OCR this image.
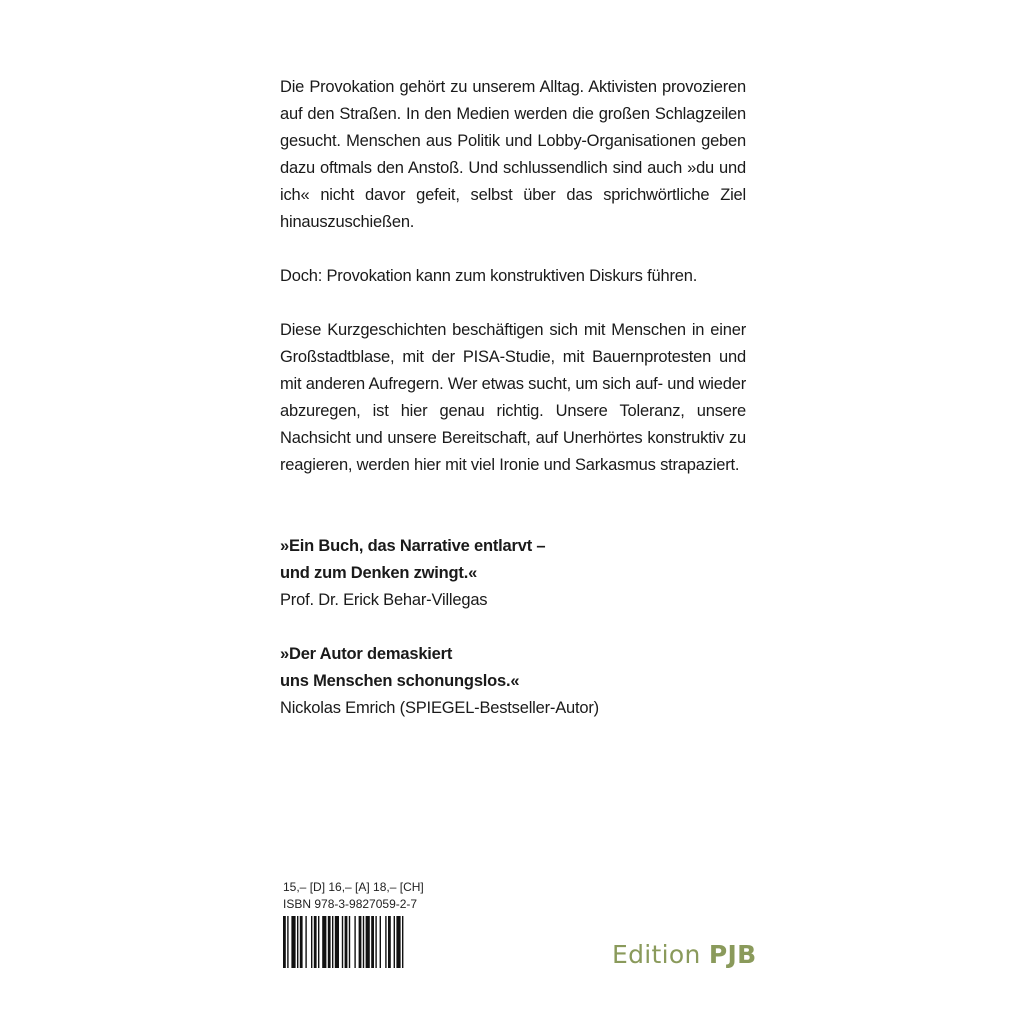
Die Provokation gehört zu unserem Alltag. Aktivisten provozieren auf den Straßen. In den Medien werden die großen Schlagzeilen gesucht. Menschen aus Politik und Lobby-Organisationen geben dazu oftmals den Anstoß. Und schlussendlich sind auch »du und ich« nicht davor gefeit, selbst über das sprichwörtliche Ziel hinauszuschießen.

Doch: Provokation kann zum konstruktiven Diskurs führen.

Diese Kurzgeschichten beschäftigen sich mit Menschen in einer Großstadtblase, mit der PISA-Studie, mit Bauernprotesten und mit anderen Aufregern. Wer etwas sucht, um sich auf- und wieder abzuregen, ist hier genau richtig. Unsere Toleranz, unsere Nachsicht und unsere Bereitschaft, auf Unerhörtes konstruktiv zu reagieren, werden hier mit viel Ironie und Sarkasmus strapaziert.

»Ein Buch, das Narrative entlarvt –
und zum Denken zwingt.«
Prof. Dr. Erick Behar-Villegas
»Der Autor demaskiert
uns Menschen schonungslos.«
Nickolas Emrich (SPIEGEL-Bestseller-Autor)
15,– [D] 16,– [A] 18,– [CH]
ISBN 978-3-9827059-2-7
Edition PJB
